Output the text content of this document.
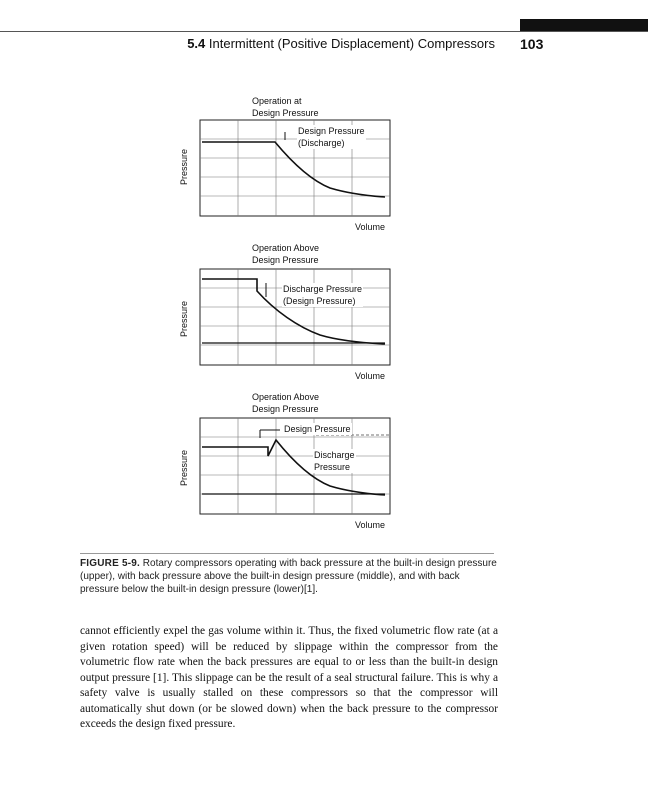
5.4 Intermittent (Positive Displacement) Compressors 103
Operation at
Design Pressure
Design Pressure
(Discharge)
Pressure
Volume
Operation Above
Design Pressure
Discharge Pressure
(Design Pressure)
Pressure
Volume
Operation Above
Design Pressure
Design Pressure
Discharge
Pressure
Pressure
Volume
FIGURE 5-9. Rotary compressors operating with back pressure at the built-in design pressure (upper), with back pressure above the built-in design pressure (middle), and with back pressure below the built-in design pressure (lower)[1].

cannot efficiently expel the gas volume within it. Thus, the fixed volumetric flow rate (at a given rotation speed) will be reduced by slippage within the compressor from the volumetric flow rate when the back pressures are equal to or less than the built-in design output pressure [1]. This slippage can be the result of a seal structural failure. This is why a safety valve is usually stalled on these compressors so that the compressor will automatically shut down (or be slowed down) when the back pressure to the compressor exceeds the design fixed pressure.
